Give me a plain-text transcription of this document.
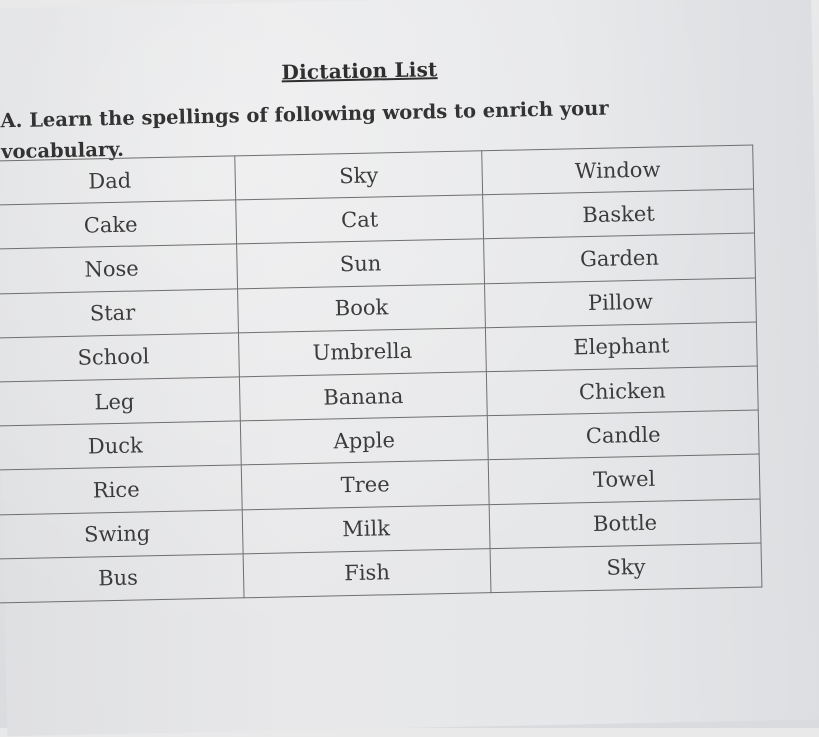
Dictation List

A. Learn the spellings of following words to enrich your vocabulary.

Dad	Sky	Window
Cake	Cat	Basket
Nose	Sun	Garden
Star	Book	Pillow
School	Umbrella	Elephant
Leg	Banana	Chicken
Duck	Apple	Candle
Rice	Tree	Towel
Swing	Milk	Bottle
Bus	Fish	Sky
